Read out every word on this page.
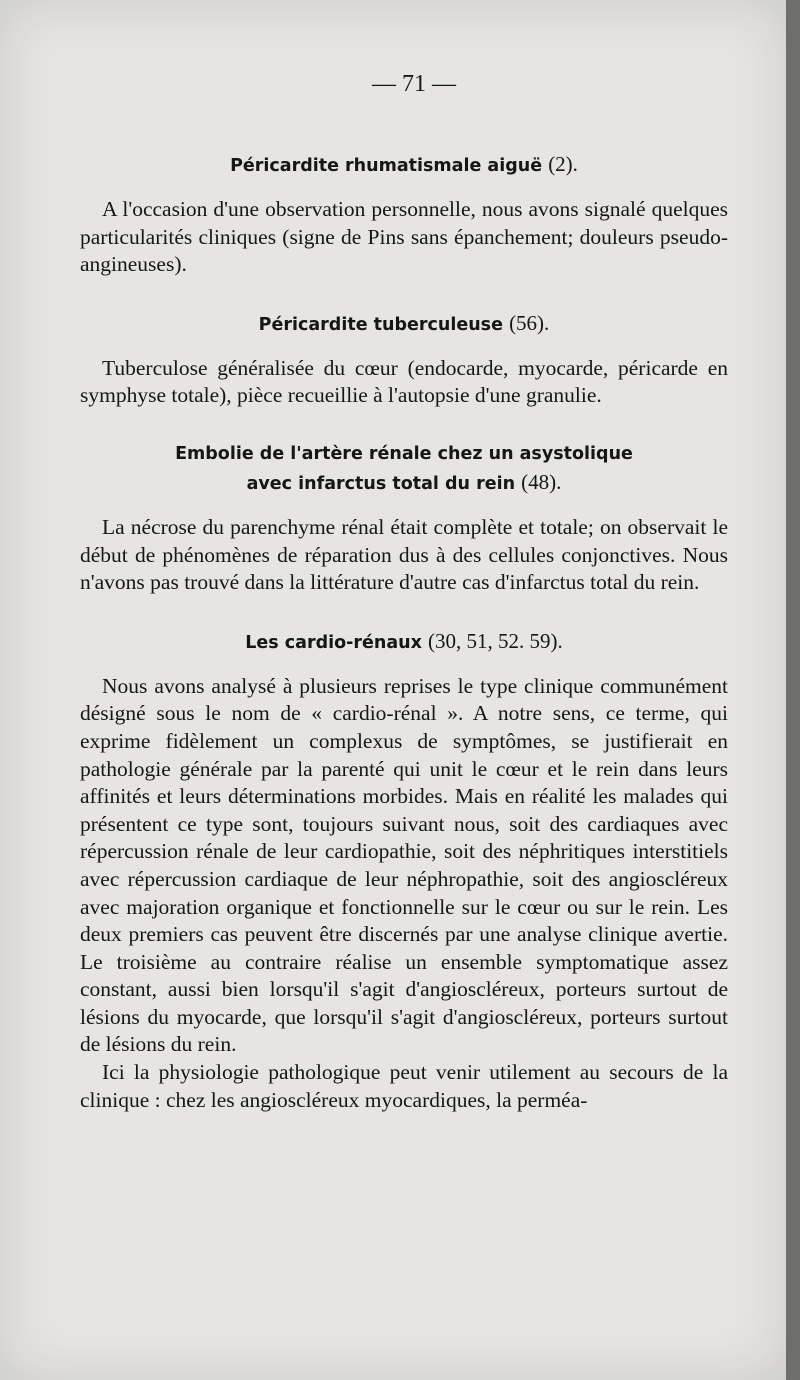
— 71 —
Péricardite rhumatismale aiguë (2).

A l'occasion d'une observation personnelle, nous avons signalé quelques particularités cliniques (signe de Pins sans épanchement; douleurs pseudo-angineuses).

Péricardite tuberculeuse (56).

Tuberculose généralisée du cœur (endocarde, myocarde, péricarde en symphyse totale), pièce recueillie à l'autopsie d'une granulie.

Embolie de l'artère rénale chez un asystolique
avec infarctus total du rein (48).

La nécrose du parenchyme rénal était complète et totale; on observait le début de phénomènes de réparation dus à des cellules conjonctives. Nous n'avons pas trouvé dans la littérature d'autre cas d'infarctus total du rein.

Les cardio-rénaux (30, 51, 52. 59).

Nous avons analysé à plusieurs reprises le type clinique communément désigné sous le nom de « cardio-rénal ». A notre sens, ce terme, qui exprime fidèlement un complexus de symptômes, se justifierait en pathologie générale par la parenté qui unit le cœur et le rein dans leurs affinités et leurs déterminations morbides. Mais en réalité les malades qui présentent ce type sont, toujours suivant nous, soit des cardiaques avec répercussion rénale de leur cardiopathie, soit des néphritiques interstitiels avec répercussion cardiaque de leur néphropathie, soit des angioscléreux avec majoration organique et fonctionnelle sur le cœur ou sur le rein. Les deux premiers cas peuvent être discernés par une analyse clinique avertie. Le troisième au contraire réalise un ensemble symptomatique assez constant, aussi bien lorsqu'il s'agit d'angioscléreux, porteurs surtout de lésions du myocarde, que lorsqu'il s'agit d'angioscléreux, porteurs surtout de lésions du rein.

Ici la physiologie pathologique peut venir utilement au secours de la clinique : chez les angioscléreux myocardiques, la perméa-
